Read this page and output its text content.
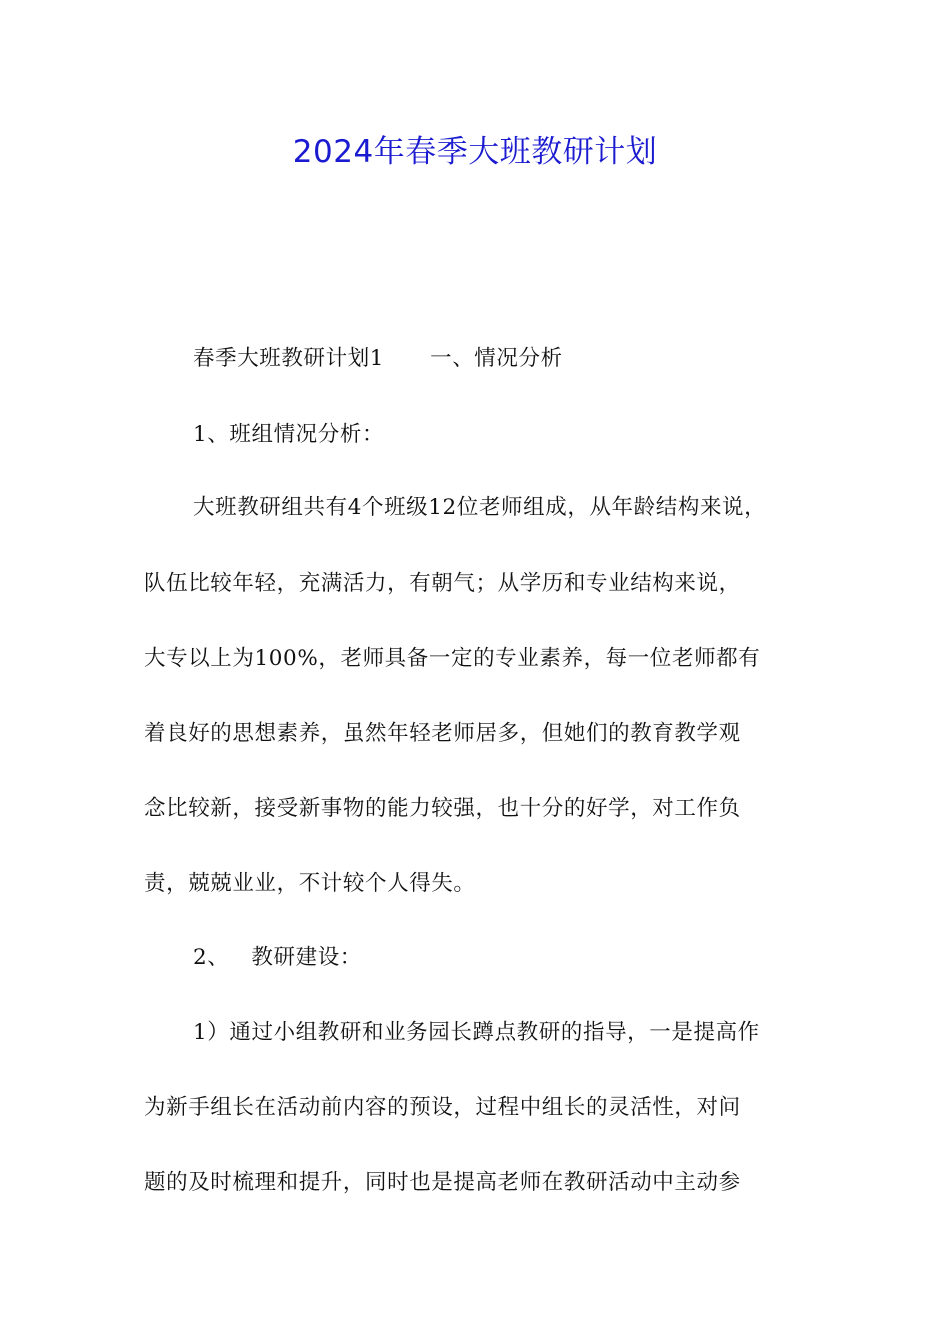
2024年春季大班教研计划
春季大班教研计划1 一、情况分析
1、班组情况分析：
大班教研组共有4个班级12位老师组成，从年龄结构来说，
队伍比较年轻，充满活力，有朝气；从学历和专业结构来说，
大专以上为100%，老师具备一定的专业素养，每一位老师都有
着良好的思想素养，虽然年轻老师居多，但她们的教育教学观
念比较新，接受新事物的能力较强，也十分的好学，对工作负
责，兢兢业业，不计较个人得失。
2、 教研建设：
1）通过小组教研和业务园长蹲点教研的指导，一是提高作
为新手组长在活动前内容的预设，过程中组长的灵活性，对问
题的及时梳理和提升，同时也是提高老师在教研活动中主动参
